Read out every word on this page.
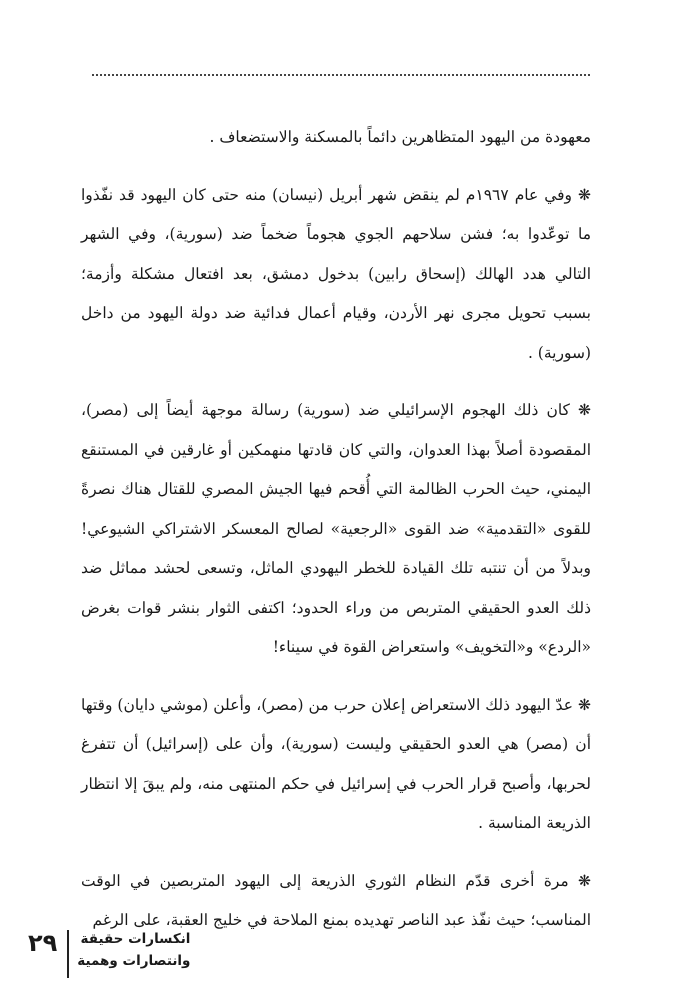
معهودة من اليهود المتظاهرين دائماً بالمسكنة والاستضعاف .

❋ وفي عام ١٩٦٧م لم ينقض شهر أبريل (نيسان) منه حتى كان اليهود قد نفّذوا ما توعّدوا به؛ فشن سلاحهم الجوي هجوماً ضخماً ضد (سورية)، وفي الشهر التالي هدد الهالك (إسحاق رابين) بدخول دمشق، بعد افتعال مشكلة وأزمة؛ بسبب تحويل مجرى نهر الأردن، وقيام أعمال فدائية ضد دولة اليهود من داخل (سورية) .

❋ كان ذلك الهجوم الإسرائيلي ضد (سورية) رسالة موجهة أيضاً إلى (مصر)، المقصودة أصلاً بهذا العدوان، والتي كان قادتها منهمكين أو غارقين في المستنقع اليمني، حيث الحرب الظالمة التي أُقحم فيها الجيش المصري للقتال هناك نصرةً للقوى «التقدمية» ضد القوى «الرجعية» لصالح المعسكر الاشتراكي الشيوعي! وبدلاً من أن تنتبه تلك القيادة للخطر اليهودي الماثل، وتسعى لحشد مماثل ضد ذلك العدو الحقيقي المتربص من وراء الحدود؛ اكتفى الثوار بنشر قوات بغرض «الردع» و«التخويف» واستعراض القوة في سيناء!

❋ عدّ اليهود ذلك الاستعراض إعلان حرب من (مصر)، وأعلن (موشي دايان) وقتها أن (مصر) هي العدو الحقيقي وليست (سورية)، وأن على (إسرائيل) أن تتفرغ لحربها، وأصبح قرار الحرب في إسرائيل في حكم المنتهى منه، ولم يبقَ إلا انتظار الذريعة المناسبة .

❋ مرة أخرى قدّم النظام الثوري الذريعة إلى اليهود المتربصين في الوقت المناسب؛ حيث نفّذ عبد الناصر تهديده بمنع الملاحة في خليج العقبة، على الرغم

٢٩	انكسارات حقيقة
وانتصارات وهمية
